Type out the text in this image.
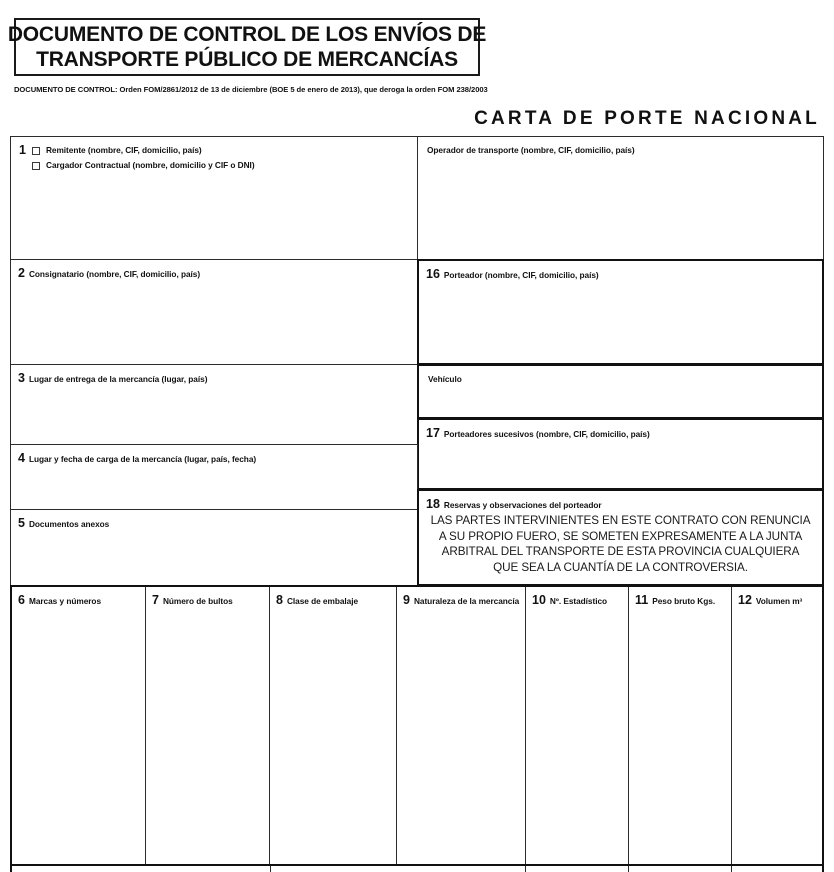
DOCUMENTO DE CONTROL DE LOS ENVÍOS DE
TRANSPORTE PÚBLICO DE MERCANCÍAS
DOCUMENTO DE CONTROL: Orden FOM/2861/2012 de 13 de diciembre (BOE 5 de enero de 2013), que deroga la orden FOM 238/2003
CARTA DE PORTE NACIONAL
1 Remitente (nombre, CIF, domicilio, país)
Cargador Contractual (nombre, domicilio y CIF o DNI)
Operador de transporte (nombre, CIF, domicilio, país)
2 Consignatario (nombre, CIF, domicilio, país)	16 Porteador (nombre, CIF, domicilio, país)
3 Lugar de entrega de la mercancía (lugar, país)	Vehículo
17 Porteadores sucesivos (nombre, CIF, domicilio, país)
4 Lugar y fecha de carga de la mercancía (lugar, país, fecha)
5 Documentos anexos
18 Reservas y observaciones del porteador
LAS PARTES INTERVINIENTES EN ESTE CONTRATO CON RENUNCIA
A SU PROPIO FUERO, SE SOMETEN EXPRESAMENTE A LA JUNTA
ARBITRAL DEL TRANSPORTE DE ESTA PROVINCIA CUALQUIERA
QUE SEA LA CUANTÍA DE LA CONTROVERSIA.
6 Marcas y números	7 Número de bultos	8 Clase de embalaje	9 Naturaleza de la mercancía 10 Nº. Estadístico 11 Peso bruto Kgs. 12 Volumen m³
